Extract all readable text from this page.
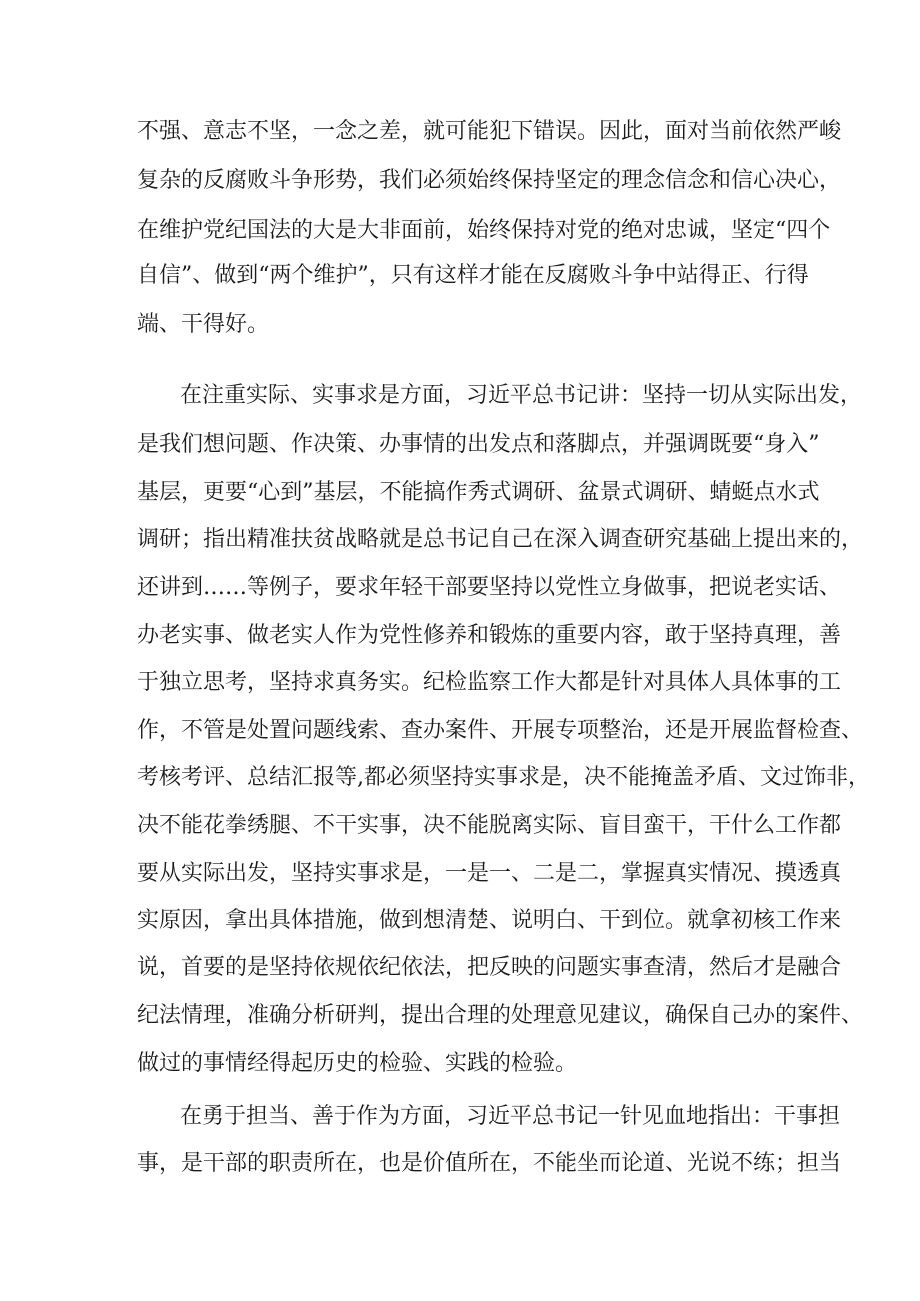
不强、意志不坚，一念之差，就可能犯下错误。因此，面对当前依然严峻
复杂的反腐败斗争形势，我们必须始终保持坚定的理念信念和信心决心，
在维护党纪国法的大是大非面前，始终保持对党的绝对忠诚，坚定“四个
自信”、做到“两个维护”，只有这样才能在反腐败斗争中站得正、行得
端、干得好。
在注重实际、实事求是方面，习近平总书记讲：坚持一切从实际出发，
是我们想问题、作决策、办事情的出发点和落脚点，并强调既要“身入”
基层，更要“心到”基层，不能搞作秀式调研、盆景式调研、蜻蜓点水式
调研；指出精准扶贫战略就是总书记自己在深入调查研究基础上提出来的，
还讲到……等例子，要求年轻干部要坚持以党性立身做事，把说老实话、
办老实事、做老实人作为党性修养和锻炼的重要内容，敢于坚持真理，善
于独立思考，坚持求真务实。纪检监察工作大都是针对具体人具体事的工
作，不管是处置问题线索、查办案件、开展专项整治，还是开展监督检查、
考核考评、总结汇报等,都必须坚持实事求是，决不能掩盖矛盾、文过饰非，
决不能花拳绣腿、不干实事，决不能脱离实际、盲目蛮干，干什么工作都
要从实际出发，坚持实事求是，一是一、二是二，掌握真实情况、摸透真
实原因，拿出具体措施，做到想清楚、说明白、干到位。就拿初核工作来
说，首要的是坚持依规依纪依法，把反映的问题实事查清，然后才是融合
纪法情理，准确分析研判，提出合理的处理意见建议，确保自己办的案件、
做过的事情经得起历史的检验、实践的检验。
在勇于担当、善于作为方面，习近平总书记一针见血地指出：干事担
事，是干部的职责所在，也是价值所在，不能坐而论道、光说不练；担当
